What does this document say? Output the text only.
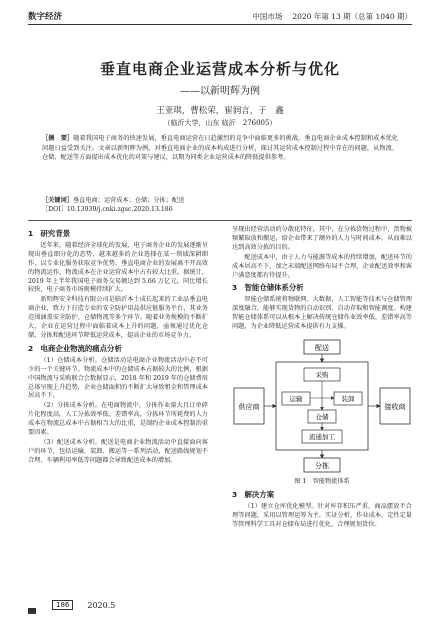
数字经济	中国市场 2020 年第 13 期（总第 1040 期）
垂直电商企业运营成本分析与优化
——以新明辉为例
王亚琪，曹松荣，崔润言，于　鑫
（临沂大学，山东 临沂　276005）
［摘　要］随着我国电子商务的快速发展，垂直电商运营在日趋激烈的竞争中面临更多的挑战，垂直电商企业成本控制和成本优化问题日益受到关注。文章以新明辉为例，对垂直电商企业的成本构成进行分析，探讨其运营成本控制过程中存在的问题，从物流、仓储、配送等方面提出成本优化的对策与建议，以期为同类企业运营成本的降低提供参考。
［关键词］垂直电商；运营成本；仓储；分拣；配送
［DOI］10.13939/j.cnki.zgsc.2020.13.186
1　研究背景

近年来，随着经济全球化的发展，电子商务企业的发展逐渐呈现出垂直细分化的态势，越来越多的企业选择在某一领域深耕细作，以专业化服务获取竞争优势。垂直电商企业的发展离不开高效的物流运作，物流成本在企业运营成本中占有较大比重。据统计，2019 年上半年我国电子商务交易额达到 5.66 万亿元，同比增长较快，电子商务市场规模持续扩大。

新明辉安全科技有限公司是临沂本土成长起来的工业品垂直电商企业，致力于打造专业的安全防护用品供应链服务平台，其业务范围涵盖安全防护、仓储物流等多个环节。随着业务规模的不断扩大，企业在运营过程中面临着成本上升的问题，亟须通过优化仓储、分拣和配送环节降低运营成本，提高企业的市场竞争力。

2　电商企业物流的痛点分析

（1）仓储成本分析。仓储活动是电商企业物流活动中必不可少的一个关键环节。物流成本中的仓储成本占据较大的比例，根据中国物流与采购联合会数据显示，2018 年和 2019 年的仓储费用总体呈现上升趋势，企业仓储面积的不断扩大导致租金和管理成本居高不下。

（2）分拣成本分析。在电商物流中，分拣作业量大且订单碎片化程度高，人工分拣效率低、差错率高，分拣环节所耗费的人力成本在物流总成本中占据相当大的比重，是制约企业成本控制的重要因素。

（3）配送成本分析。配送是电商企业物流活动中直接面向客户的环节，包括运输、装卸、搬运等一系列活动，配送路线规划不合理、车辆利用率低等问题都会导致配送成本的增加。

呈现出经营活动的分散化特征，其中，在分拣货物过程中，货物被频繁取放和搬运，给企业带来了额外的人力与时间成本，从而难以达到高效分拣的目的。

配送成本中，由于人力与能源等成本的持续增加，配送环节的成本居高不下，加之末端配送网络布局不合理，企业配送效率和客户满意度都有待提升。

3　智能仓储体系分析

智能仓储系统将物联网、大数据、人工智能等技术与仓储管理深度融合，能够实现货物的自动识别、自动存取和智能调度。构建智能仓储体系可以从根本上解决传统仓储作业效率低、差错率高等问题，为企业降低运营成本提供有力支撑。

配送
供应商	接收商
采购
运输	装卸
仓储
流通加工
分拣
图 1　智能物流体系
3　解决方案

（1）建立仓库优化模型。针对库存积压严重、商品摆放不合理等问题，采用以管理运筹为主，实证分析、作业成本、定性定量等管理科学工具对仓储布局进行优化，合理规划货位。

186	2020.5
